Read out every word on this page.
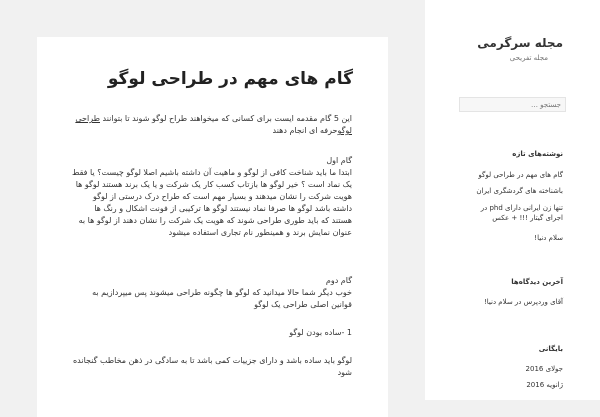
گام های مهم در طراحی لوگو

این 5 گام مقدمه ایست برای کسانی که میخواهند طراح لوگو شوند تا بتوانند طراحی لوگوحرفه ای انجام دهند

گام اول

ابتدا ما باید شناخت کافی از لوگو و ماهیت آن داشته باشیم اصلا لوگو چیست؟ یا فقط یک نماد است ؟ خیر لوگو ها بازتاب کسب کار یک شرکت و یا یک برند هستند لوگو ها هویت شرکت را نشان میدهند و بسیار مهم است که طراح درک درستی از لوگو داشته باشد لوگو ها صرفا نماد نیستند لوگو ها ترکیبی از فونت اشکال و رنگ ها هستند که باید طوری طراحی شوند که هویت یک شرکت را نشان دهند از لوگو ها به عنوان نمایش برند و همینطور نام تجاری استفاده میشود

گام دوم

خوب دیگر شما حالا میدانید که لوگو ها چگونه طراحی میشوند پس میپردازیم به قوانین اصلی طراحی یک لوگو

1 -ساده بودن لوگو

لوگو باید ساده باشد و دارای جزییات کمی باشد تا به سادگی در ذهن مخاطب گنجانده شود

مجله سرگرمی
مجله تفریحی
نوشته‌های تازه
گام های مهم در طراحی لوگو
باشناخته های گردشگری ایران
تنها زن ایرانی دارای phd در اجرای گیتار !!! + عکس
سلام دنیا!
آخرین دیدگاه‌ها
آقای وردپرس در سلام دنیا!
بایگانی
جولای 2016
ژانویه 2016
جستجو …
